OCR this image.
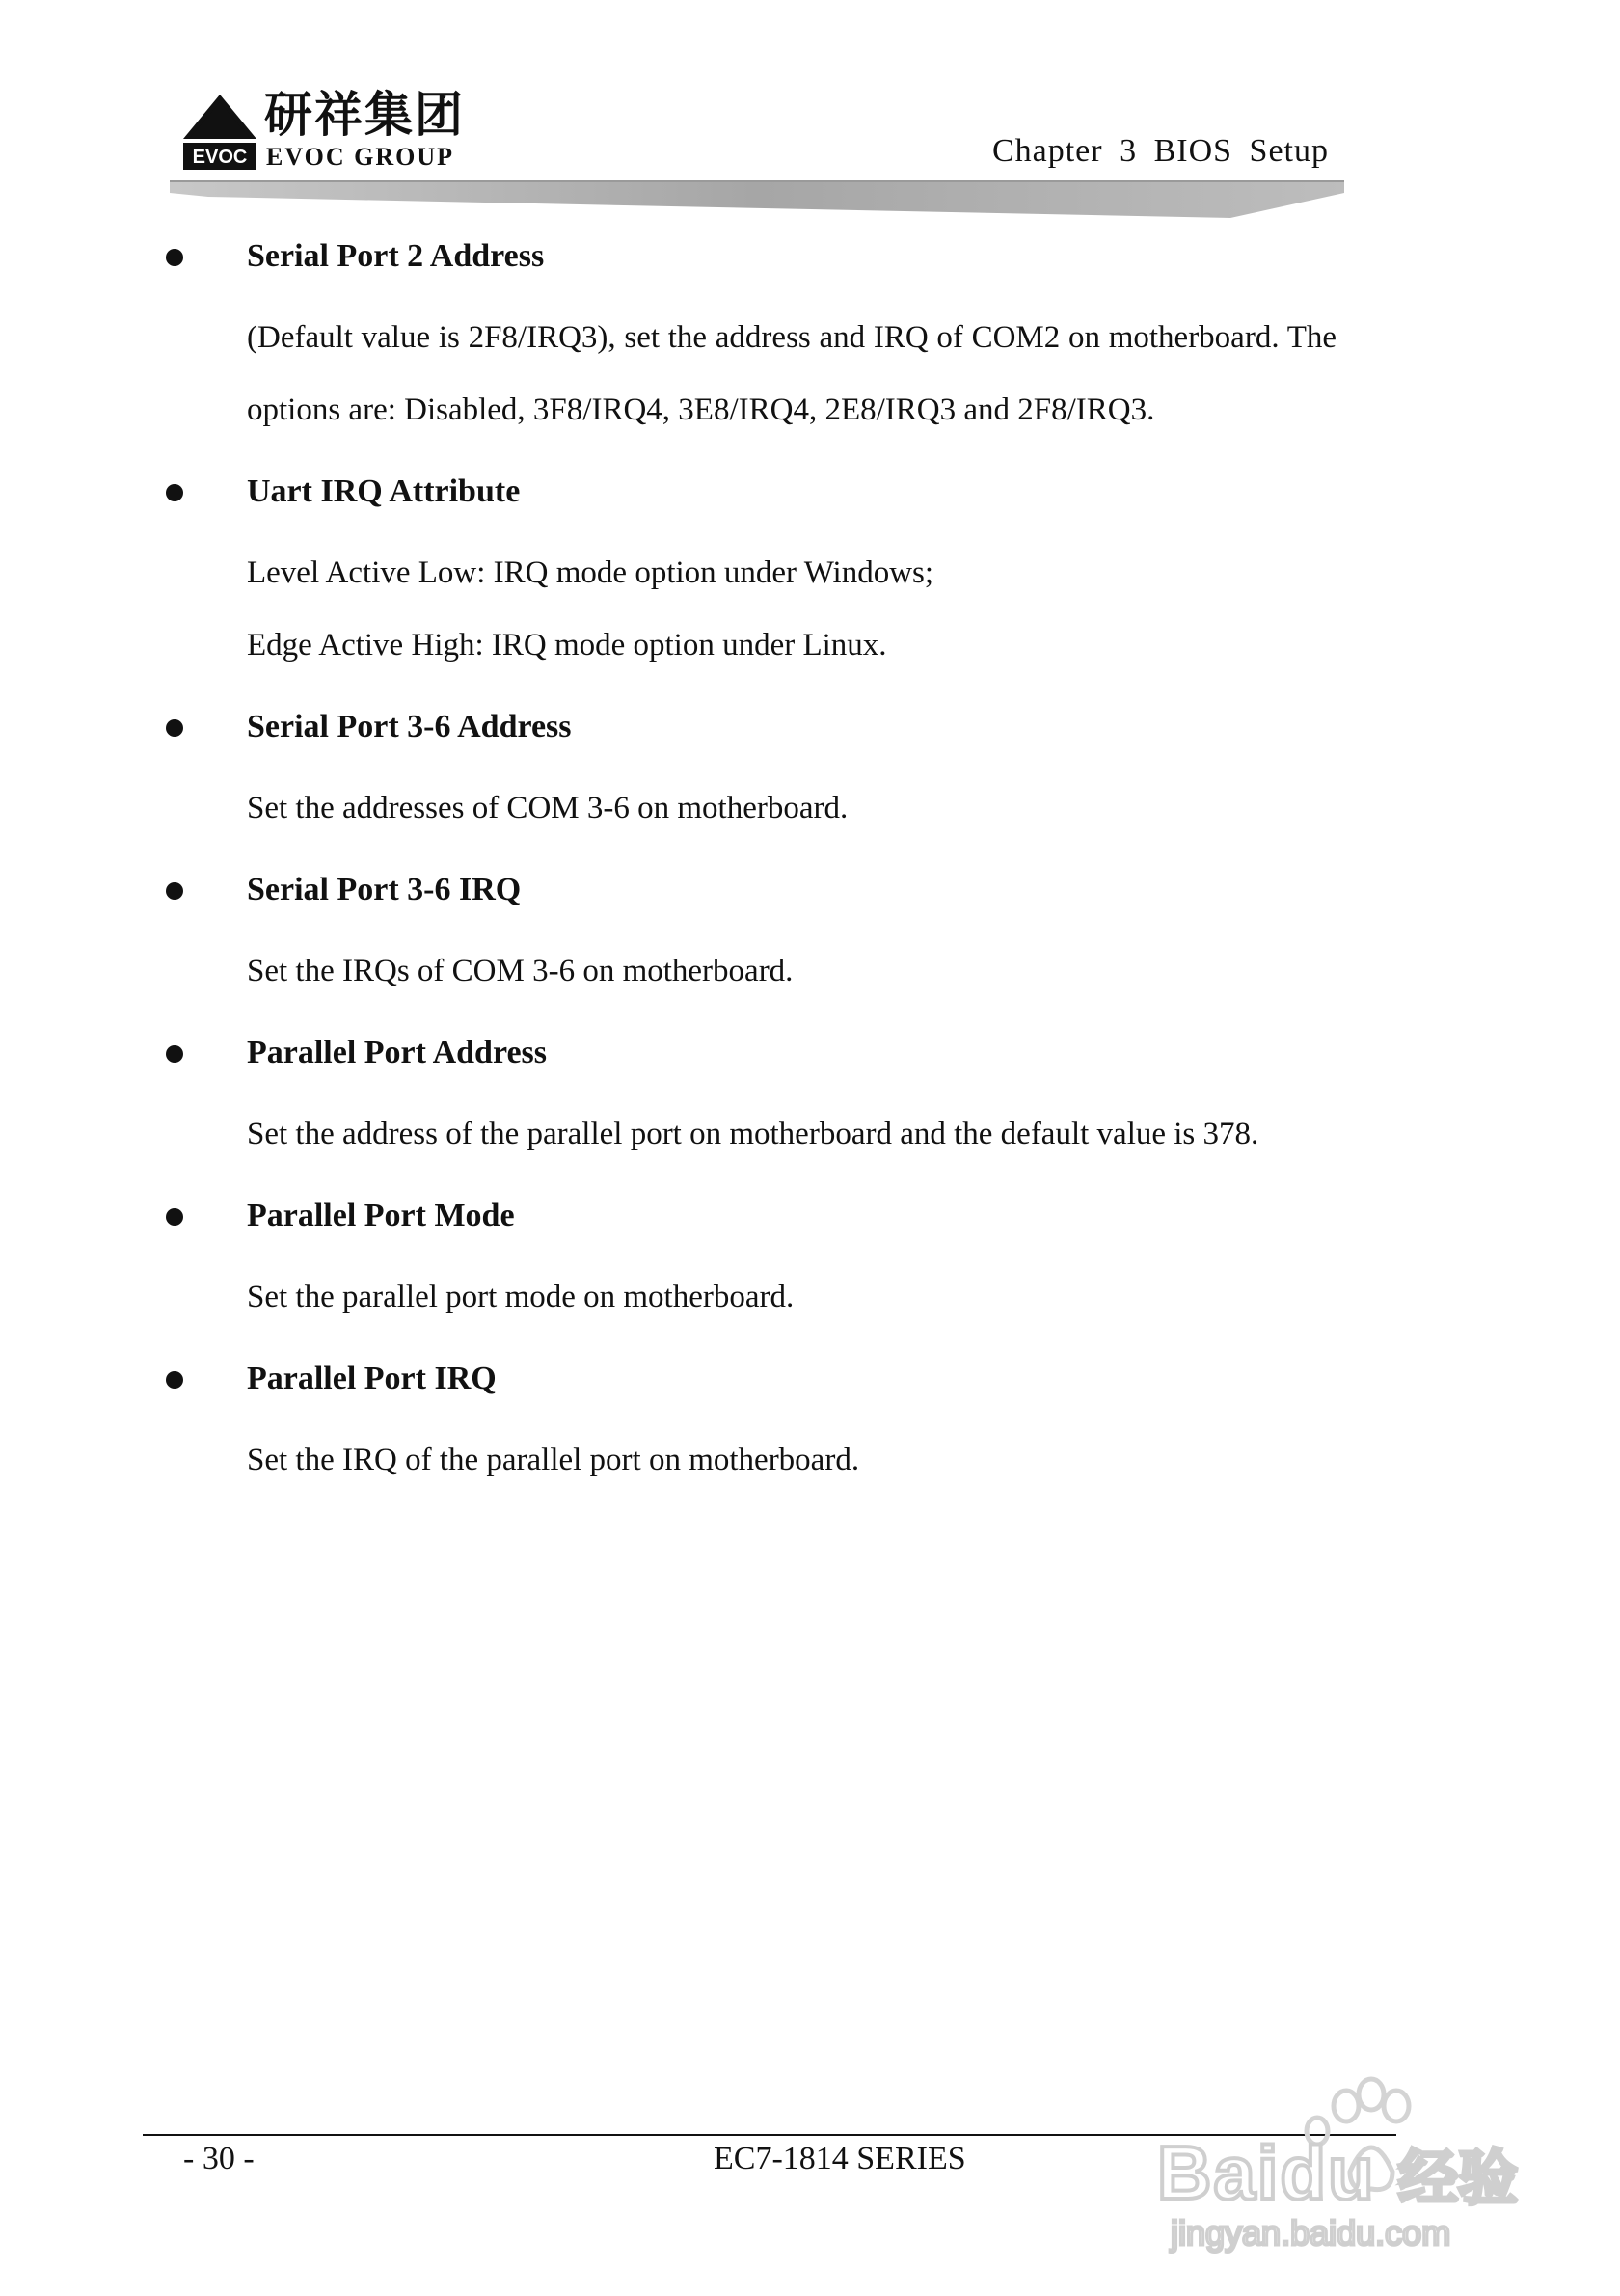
EVOC
研祥集团
EVOC GROUP	Chapter 3 BIOS Setup
Serial Port 2 Address

(Default value is 2F8/IRQ3), set the address and IRQ of COM2 on motherboard. The options are: Disabled, 3F8/IRQ4, 3E8/IRQ4, 2E8/IRQ3 and 2F8/IRQ3.

Uart IRQ Attribute

Level Active Low: IRQ mode option under Windows;

Edge Active High: IRQ mode option under Linux.

Serial Port 3-6 Address

Set the addresses of COM 3-6 on motherboard.

Serial Port 3-6 IRQ

Set the IRQs of COM 3-6 on motherboard.

Parallel Port Address

Set the address of the parallel port on motherboard and the default value is 378.

Parallel Port Mode

Set the parallel port mode on motherboard.

Parallel Port IRQ

Set the IRQ of the parallel port on motherboard.

- 30 -	EC7-1814 SERIES	Baidu 经验
jingyan.baidu.com
